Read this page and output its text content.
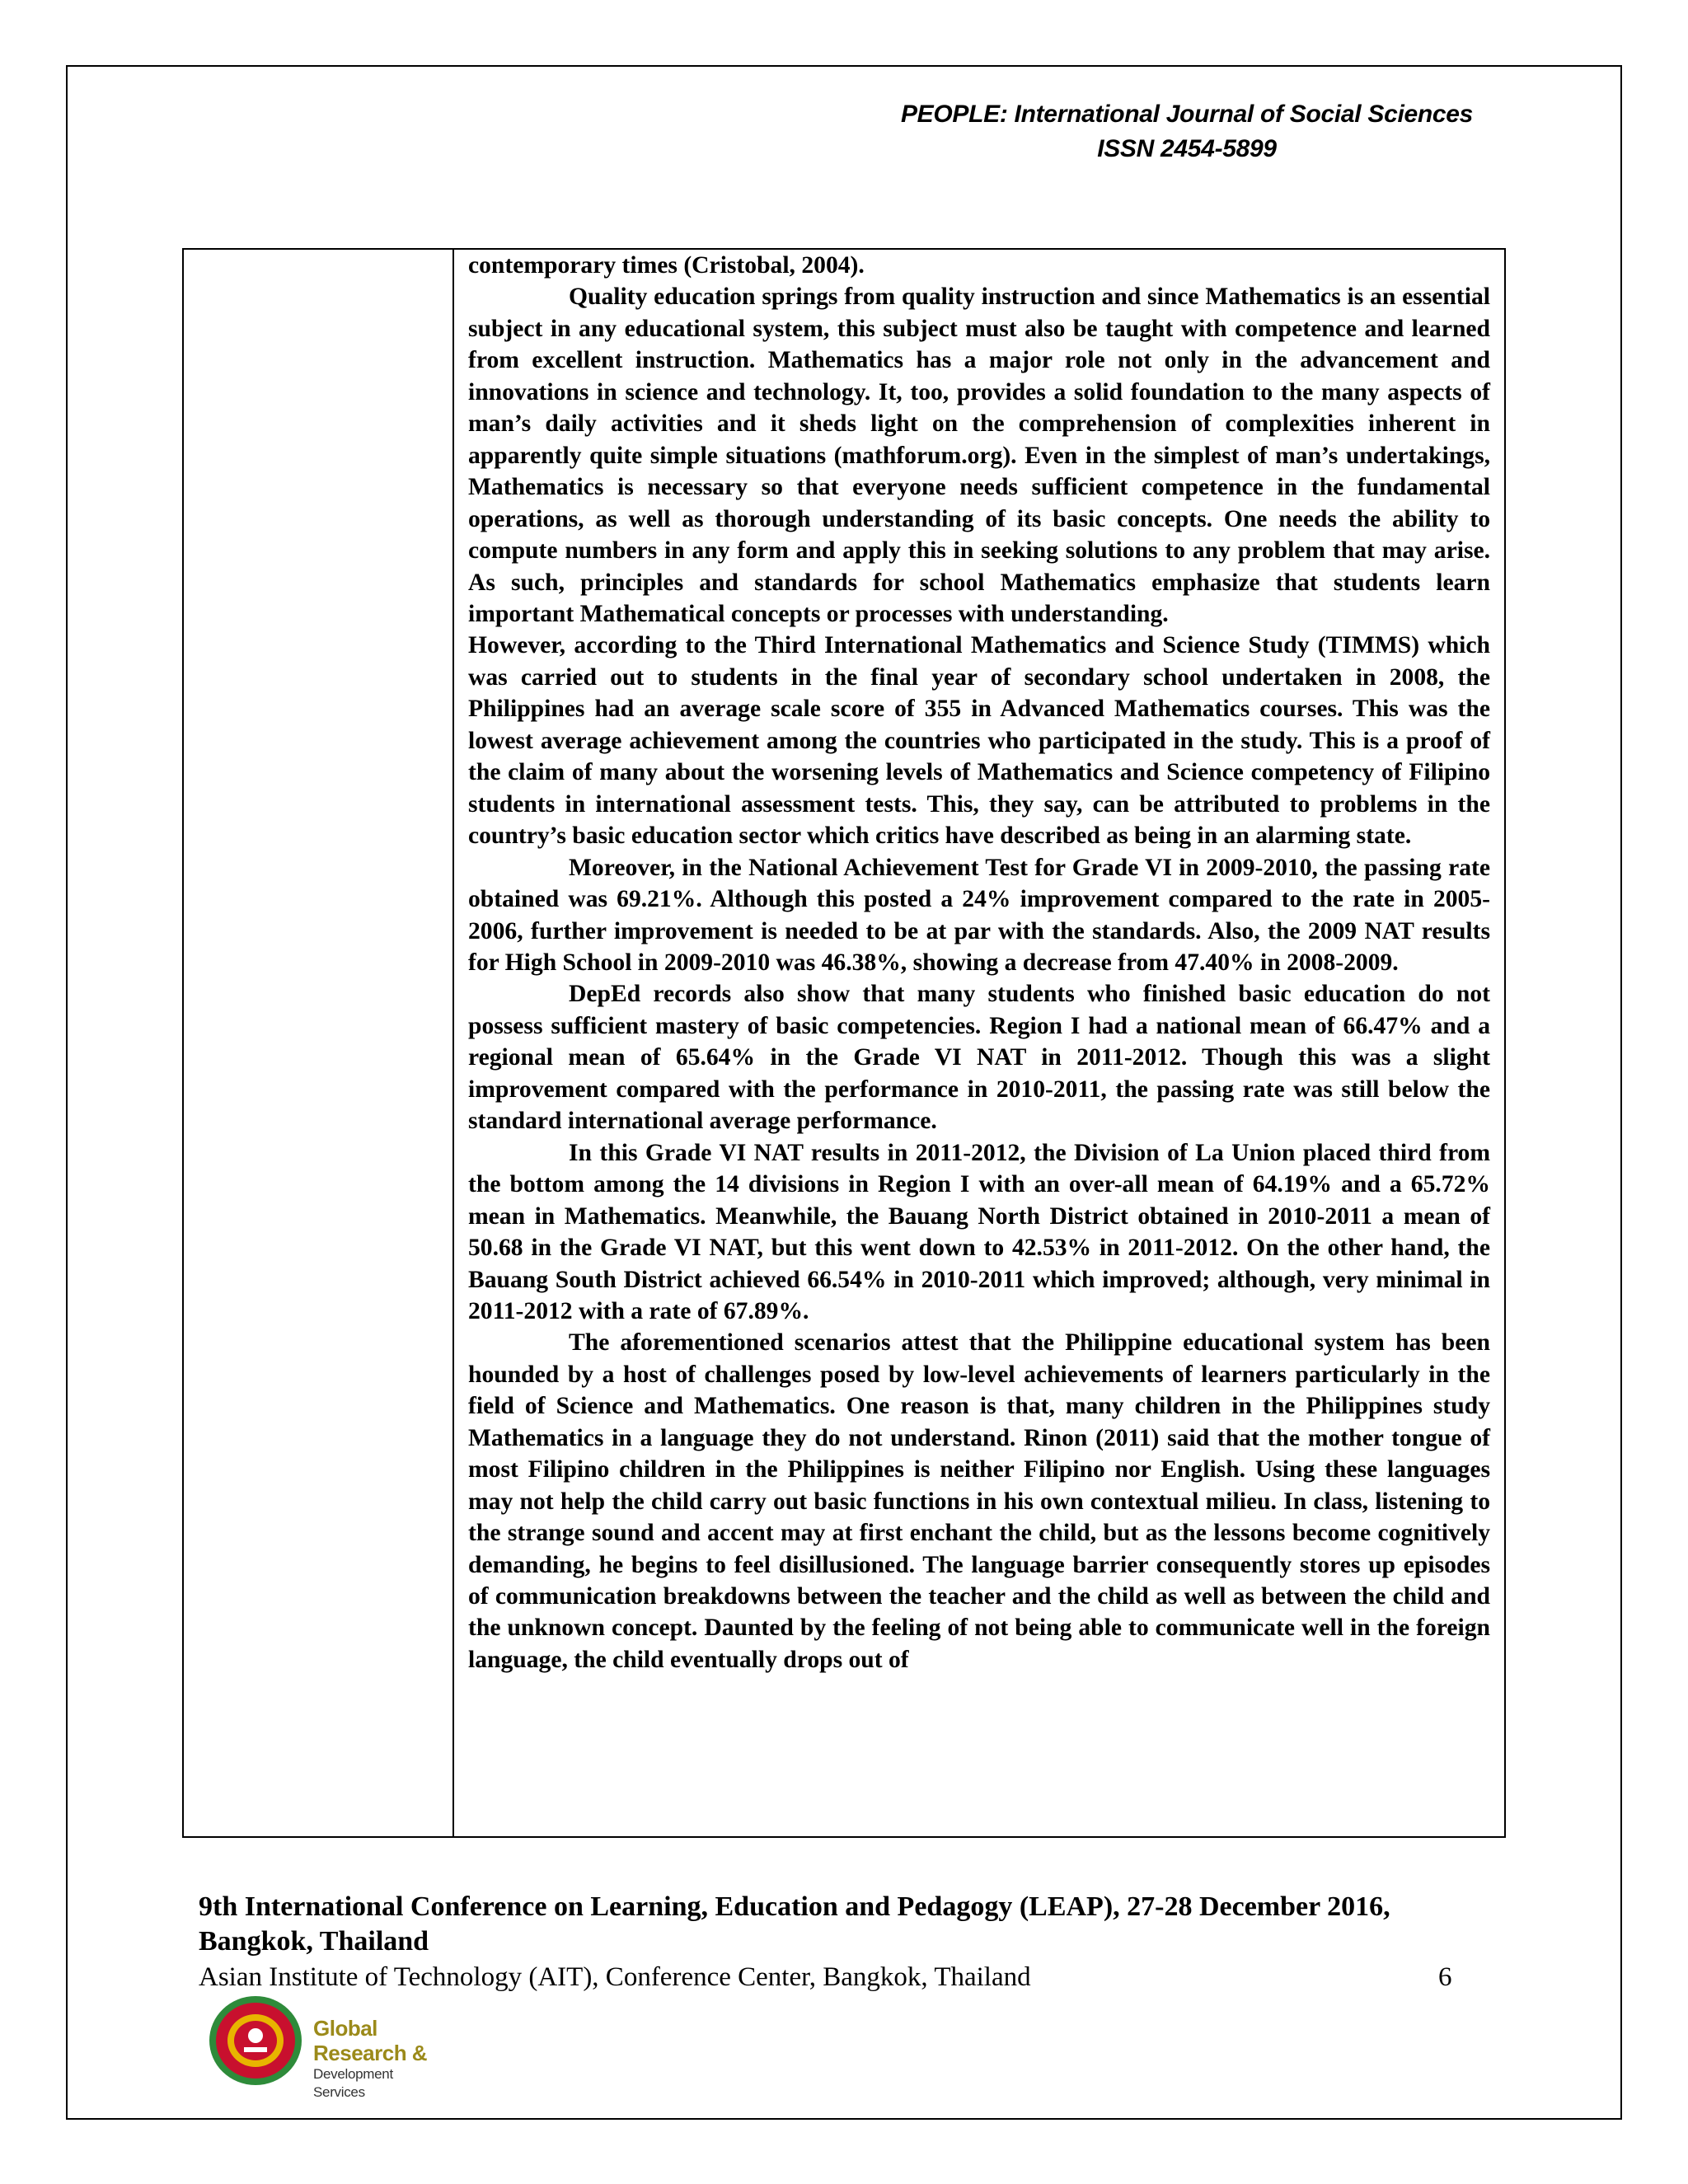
PEOPLE: International Journal of Social Sciences
ISSN 2454-5899

contemporary times (Cristobal, 2004).

Quality education springs from quality instruction and since Mathematics is an essential subject in any educational system, this subject must also be taught with competence and learned from excellent instruction. Mathematics has a major role not only in the advancement and innovations in science and technology. It, too, provides a solid foundation to the many aspects of man’s daily activities and it sheds light on the comprehension of complexities inherent in apparently quite simple situations (mathforum.org). Even in the simplest of man’s undertakings, Mathematics is necessary so that everyone needs sufficient competence in the fundamental operations, as well as thorough understanding of its basic concepts. One needs the ability to compute numbers in any form and apply this in seeking solutions to any problem that may arise. As such, principles and standards for school Mathematics emphasize that students learn important Mathematical concepts or processes with understanding.

However, according to the Third International Mathematics and Science Study (TIMMS) which was carried out to students in the final year of secondary school undertaken in 2008, the Philippines had an average scale score of 355 in Advanced Mathematics courses. This was the lowest average achievement among the countries who participated in the study. This is a proof of the claim of many about the worsening levels of Mathematics and Science competency of Filipino students in international assessment tests. This, they say, can be attributed to problems in the country’s basic education sector which critics have described as being in an alarming state.

Moreover, in the National Achievement Test for Grade VI in 2009-2010, the passing rate obtained was 69.21%. Although this posted a 24% improvement compared to the rate in 2005-2006, further improvement is needed to be at par with the standards. Also, the 2009 NAT results for High School in 2009-2010 was 46.38%, showing a decrease from 47.40% in 2008-2009.

DepEd records also show that many students who finished basic education do not possess sufficient mastery of basic competencies. Region I had a national mean of 66.47% and a regional mean of 65.64% in the Grade VI NAT in 2011-2012. Though this was a slight improvement compared with the performance in 2010-2011, the passing rate was still below the standard international average performance.

In this Grade VI NAT results in 2011-2012, the Division of La Union placed third from the bottom among the 14 divisions in Region I with an over-all mean of 64.19% and a 65.72% mean in Mathematics. Meanwhile, the Bauang North District obtained in 2010-2011 a mean of 50.68 in the Grade VI NAT, but this went down to 42.53% in 2011-2012. On the other hand, the Bauang South District achieved 66.54% in 2010-2011 which improved; although, very minimal in 2011-2012 with a rate of 67.89%.

The aforementioned scenarios attest that the Philippine educational system has been hounded by a host of challenges posed by low-level achievements of learners particularly in the field of Science and Mathematics. One reason is that, many children in the Philippines study Mathematics in a language they do not understand. Rinon (2011) said that the mother tongue of most Filipino children in the Philippines is neither Filipino nor English. Using these languages may not help the child carry out basic functions in his own contextual milieu. In class, listening to the strange sound and accent may at first enchant the child, but as the lessons become cognitively demanding, he begins to feel disillusioned. The language barrier consequently stores up episodes of communication breakdowns between the teacher and the child as well as between the child and the unknown concept. Daunted by the feeling of not being able to communicate well in the foreign language, the child eventually drops out of

9th International Conference on Learning, Education and Pedagogy (LEAP), 27-28 December 2016, Bangkok, Thailand
Asian Institute of Technology (AIT), Conference Center, Bangkok, Thailand	6
Global Research &
Development Services
